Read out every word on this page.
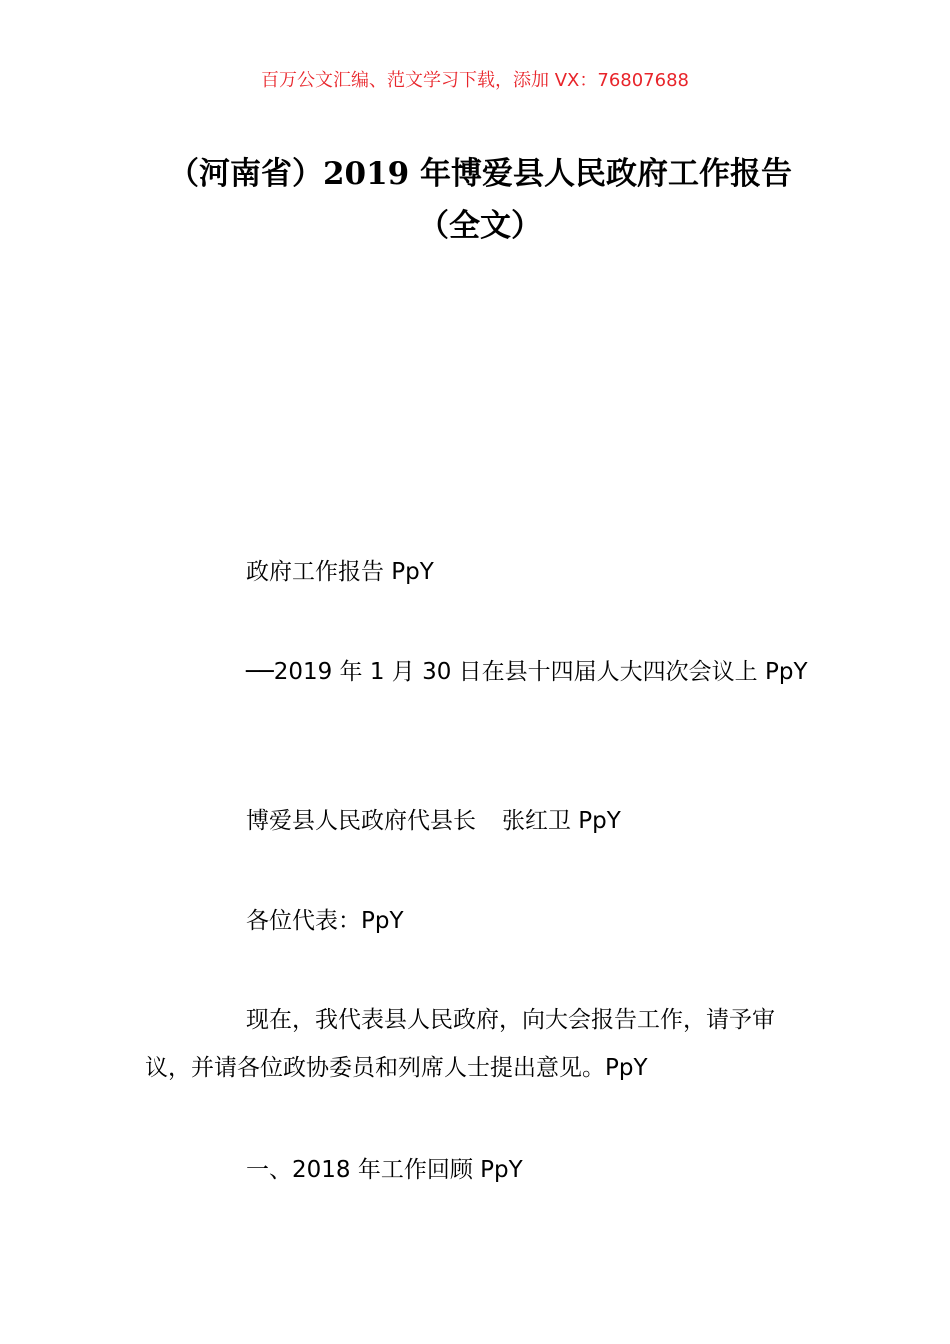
百万公文汇编、范文学习下载，添加 VX：76807688
（河南省）2019 年博爱县人民政府工作报告（全文）

政府工作报告 PpY

──2019 年 1 月 30 日在县十四届人大四次会议上 PpY

博爱县人民政府代县长 张红卫 PpY

各位代表：PpY

现在，我代表县人民政府，向大会报告工作，请予审议，并请各位政协委员和列席人士提出意见。PpY

一、2018 年工作回顾 PpY
